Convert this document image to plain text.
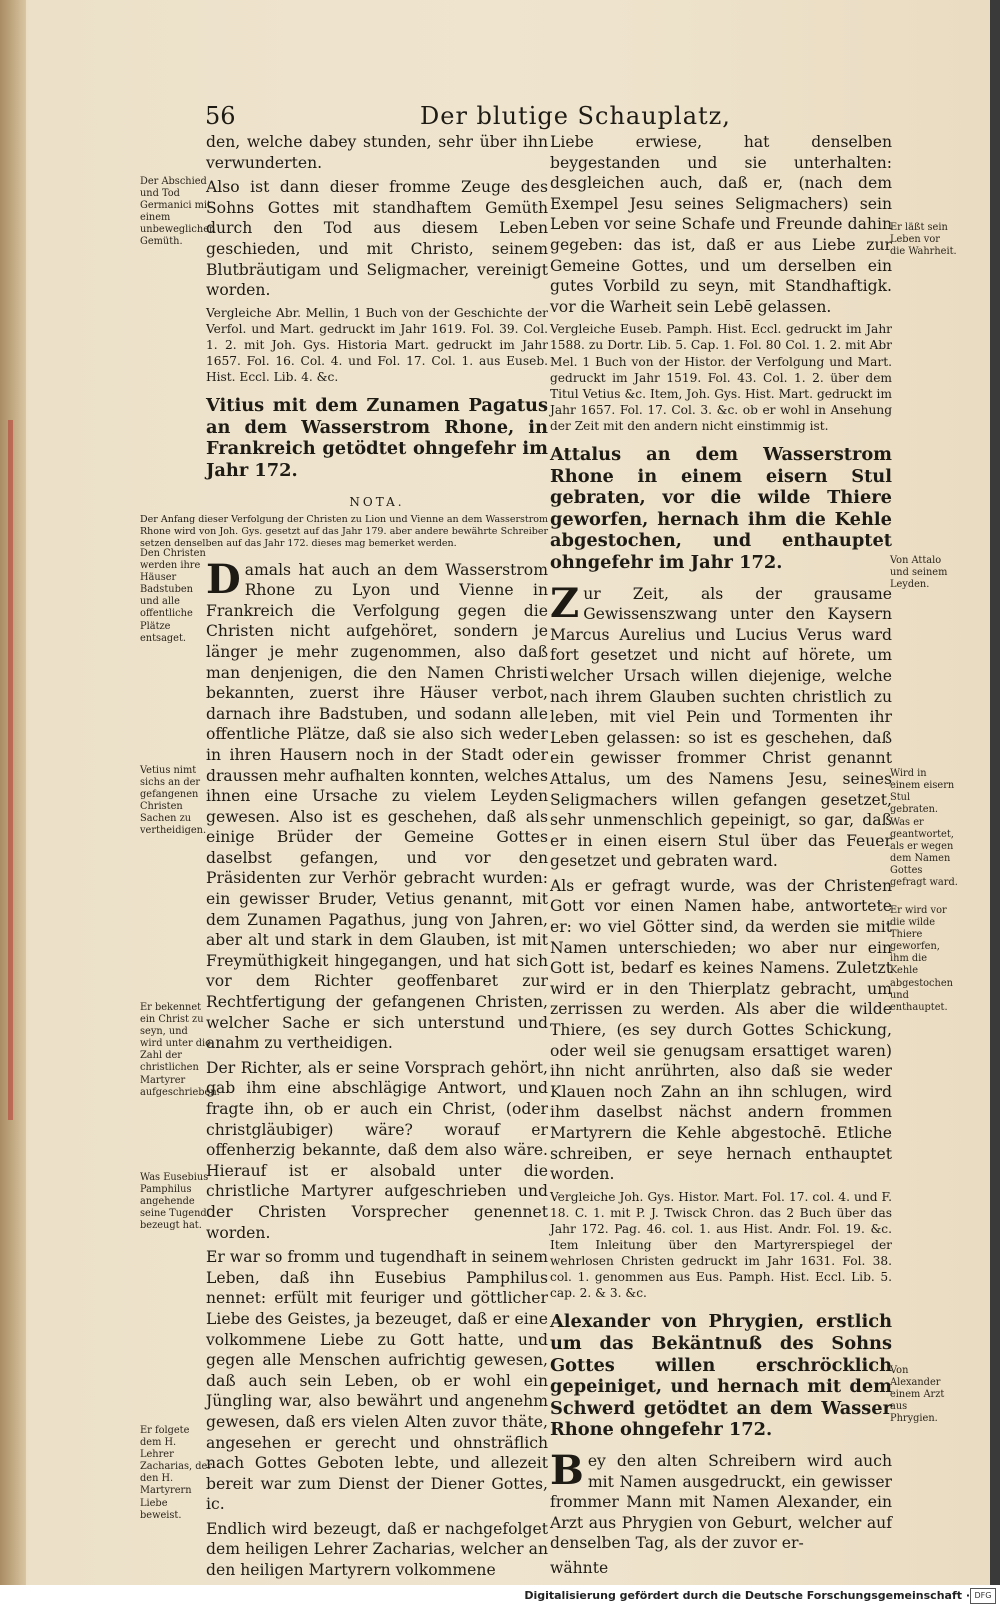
56	Der blutige Schauplatz,
Der Abschied und Tod Germanici mit einem unbeweglichen Gemüth.
Den Christen werden ihre Häuser Badstuben und alle offentliche Plätze entsaget.
Vetius nimt sichs an der gefangenen Christen Sachen zu vertheidigen.
Er bekennet ein Christ zu seyn, und wird unter die Zahl der christlichen Martyrer aufgeschrieben.
Was Eusebius Pamphilus angehende seine Tugend bezeugt hat.
Er folgete dem H. Lehrer Zacharias, der den H. Martyrern Liebe beweist.
Er läßt sein Leben vor die Wahrheit.
Von Attalo und seinem Leyden.
Wird in einem eisern Stul gebraten.
Was er geantwortet, als er wegen dem Namen Gottes gefragt ward.
Er wird vor die wilde Thiere geworfen, ihm die Kehle abgestochen und enthauptet.
Von Alexander einem Arzt aus Phrygien.

den, welche dabey stunden, sehr über ihn verwunderten.

Also ist dann dieser fromme Zeuge des Sohns Gottes mit standhaftem Gemüth durch den Tod aus diesem Leben geschieden, und mit Christo, seinem Blutbräutigam und Seligmacher, vereinigt worden.

Vergleiche Abr. Mellin, 1 Buch von der Geschichte der Verfol. und Mart. gedruckt im Jahr 1619. Fol. 39. Col. 1. 2. mit Joh. Gys. Historia Mart. gedruckt im Jahr 1657. Fol. 16. Col. 4. und Fol. 17. Col. 1. aus Euseb. Hist. Eccl. Lib. 4. &c.

Vitius mit dem Zunamen Pagatus an dem Wasserstrom Rhone, in Frankreich getödtet ohngefehr im Jahr 172.

NOTA.

Der Anfang dieser Verfolgung der Christen zu Lion und Vienne an dem Wasserstrom Rhone wird von Joh. Gys. gesetzt auf das Jahr 179. aber andere bewährte Schreiber setzen denselben auf das Jahr 172. dieses mag bemerket werden.

Damals hat auch an dem Wasserstrom Rhone zu Lyon und Vienne in Frankreich die Verfolgung gegen die Christen nicht aufgehöret, sondern je länger je mehr zugenommen, also daß man denjenigen, die den Namen Christi bekannten, zuerst ihre Häuser verbot, darnach ihre Badstuben, und sodann alle offentliche Plätze, daß sie also sich weder in ihren Hausern noch in der Stadt oder draussen mehr aufhalten konnten, welches ihnen eine Ursache zu vielem Leyden gewesen. Also ist es geschehen, daß als einige Brüder der Gemeine Gottes daselbst gefangen, und vor den Präsidenten zur Verhör gebracht wurden: ein gewisser Bruder, Vetius genannt, mit dem Zunamen Pagathus, jung von Jahren, aber alt und stark in dem Glauben, ist mit Freymüthigkeit hingegangen, und hat sich vor dem Richter geoffenbaret zur Rechtfertigung der gefangenen Christen, welcher Sache er sich unterstund und anahm zu vertheidigen.

Der Richter, als er seine Vorsprach gehört, gab ihm eine abschlägige Antwort, und fragte ihn, ob er auch ein Christ, (oder christgläubiger) wäre? worauf er offenherzig bekannte, daß dem also wäre. Hierauf ist er alsobald unter die christliche Martyrer aufgeschrieben und der Christen Vorsprecher genennet worden.

Er war so fromm und tugendhaft in seinem Leben, daß ihn Eusebius Pamphilus nennet: erfült mit feuriger und göttlicher Liebe des Geistes, ja bezeuget, daß er eine volkommene Liebe zu Gott hatte, und gegen alle Menschen aufrichtig gewesen, daß auch sein Leben, ob er wohl ein Jüngling war, also bewährt und angenehm gewesen, daß ers vielen Alten zuvor thäte, angesehen er gerecht und ohnsträflich nach Gottes Geboten lebte, und allezeit bereit war zum Dienst der Diener Gottes, ic.

Endlich wird bezeugt, daß er nachgefolget dem heiligen Lehrer Zacharias, welcher an den heiligen Martyrern volkommene

Liebe erwiese, hat denselben beygestanden und sie unterhalten: desgleichen auch, daß er, (nach dem Exempel Jesu seines Seligmachers) sein Leben vor seine Schafe und Freunde dahin gegeben: das ist, daß er aus Liebe zur Gemeine Gottes, und um derselben ein gutes Vorbild zu seyn, mit Standhaftigk. vor die Warheit sein Lebē gelassen.

Vergleiche Euseb. Pamph. Hist. Eccl. gedruckt im Jahr 1588. zu Dortr. Lib. 5. Cap. 1. Fol. 80 Col. 1. 2. mit Abr Mel. 1 Buch von der Histor. der Verfolgung und Mart. gedruckt im Jahr 1519. Fol. 43. Col. 1. 2. über dem Titul Vetius &c. Item, Joh. Gys. Hist. Mart. gedruckt im Jahr 1657. Fol. 17. Col. 3. &c. ob er wohl in Ansehung der Zeit mit den andern nicht einstimmig ist.

Attalus an dem Wasserstrom Rhone in einem eisern Stul gebraten, vor die wilde Thiere geworfen, hernach ihm die Kehle abgestochen, und enthauptet ohngefehr im Jahr 172.

Zur Zeit, als der grausame Gewissenszwang unter den Kaysern Marcus Aurelius und Lucius Verus ward fort gesetzet und nicht auf hörete, um welcher Ursach willen diejenige, welche nach ihrem Glauben suchten christlich zu leben, mit viel Pein und Tormenten ihr Leben gelassen: so ist es geschehen, daß ein gewisser frommer Christ genannt Attalus, um des Namens Jesu, seines Seligmachers willen gefangen gesetzet, sehr unmenschlich gepeinigt, so gar, daß er in einen eisern Stul über das Feuer gesetzet und gebraten ward.

Als er gefragt wurde, was der Christen Gott vor einen Namen habe, antwortete er: wo viel Götter sind, da werden sie mit Namen unterschieden; wo aber nur ein Gott ist, bedarf es keines Namens. Zuletzt wird er in den Thierplatz gebracht, um zerrissen zu werden. Als aber die wilde Thiere, (es sey durch Gottes Schickung, oder weil sie genugsam ersattiget waren) ihn nicht anrührten, also daß sie weder Klauen noch Zahn an ihn schlugen, wird ihm daselbst nächst andern frommen Martyrern die Kehle abgestochē. Etliche schreiben, er seye hernach enthauptet worden.

Vergleiche Joh. Gys. Histor. Mart. Fol. 17. col. 4. und F. 18. C. 1. mit P. J. Twisck Chron. das 2 Buch über das Jahr 172. Pag. 46. col. 1. aus Hist. Andr. Fol. 19. &c. Item Inleitung über den Martyrerspiegel der wehrlosen Christen gedruckt im Jahr 1631. Fol. 38. col. 1. genommen aus Eus. Pamph. Hist. Eccl. Lib. 5. cap. 2. & 3. &c.

Alexander von Phrygien, erstlich um das Bekäntnuß des Sohns Gottes willen erschröcklich gepeiniget, und hernach mit dem Schwerd getödtet an dem Wasser Rhone ohngefehr 172.

Bey den alten Schreibern wird auch mit Namen ausgedruckt, ein gewisser frommer Mann mit Namen Alexander, ein Arzt aus Phrygien von Geburt, welcher auf denselben Tag, als der zuvor er-

wähnte

Digitalisierung gefördert durch die Deutsche Forschungsgemeinschaft · DFG
